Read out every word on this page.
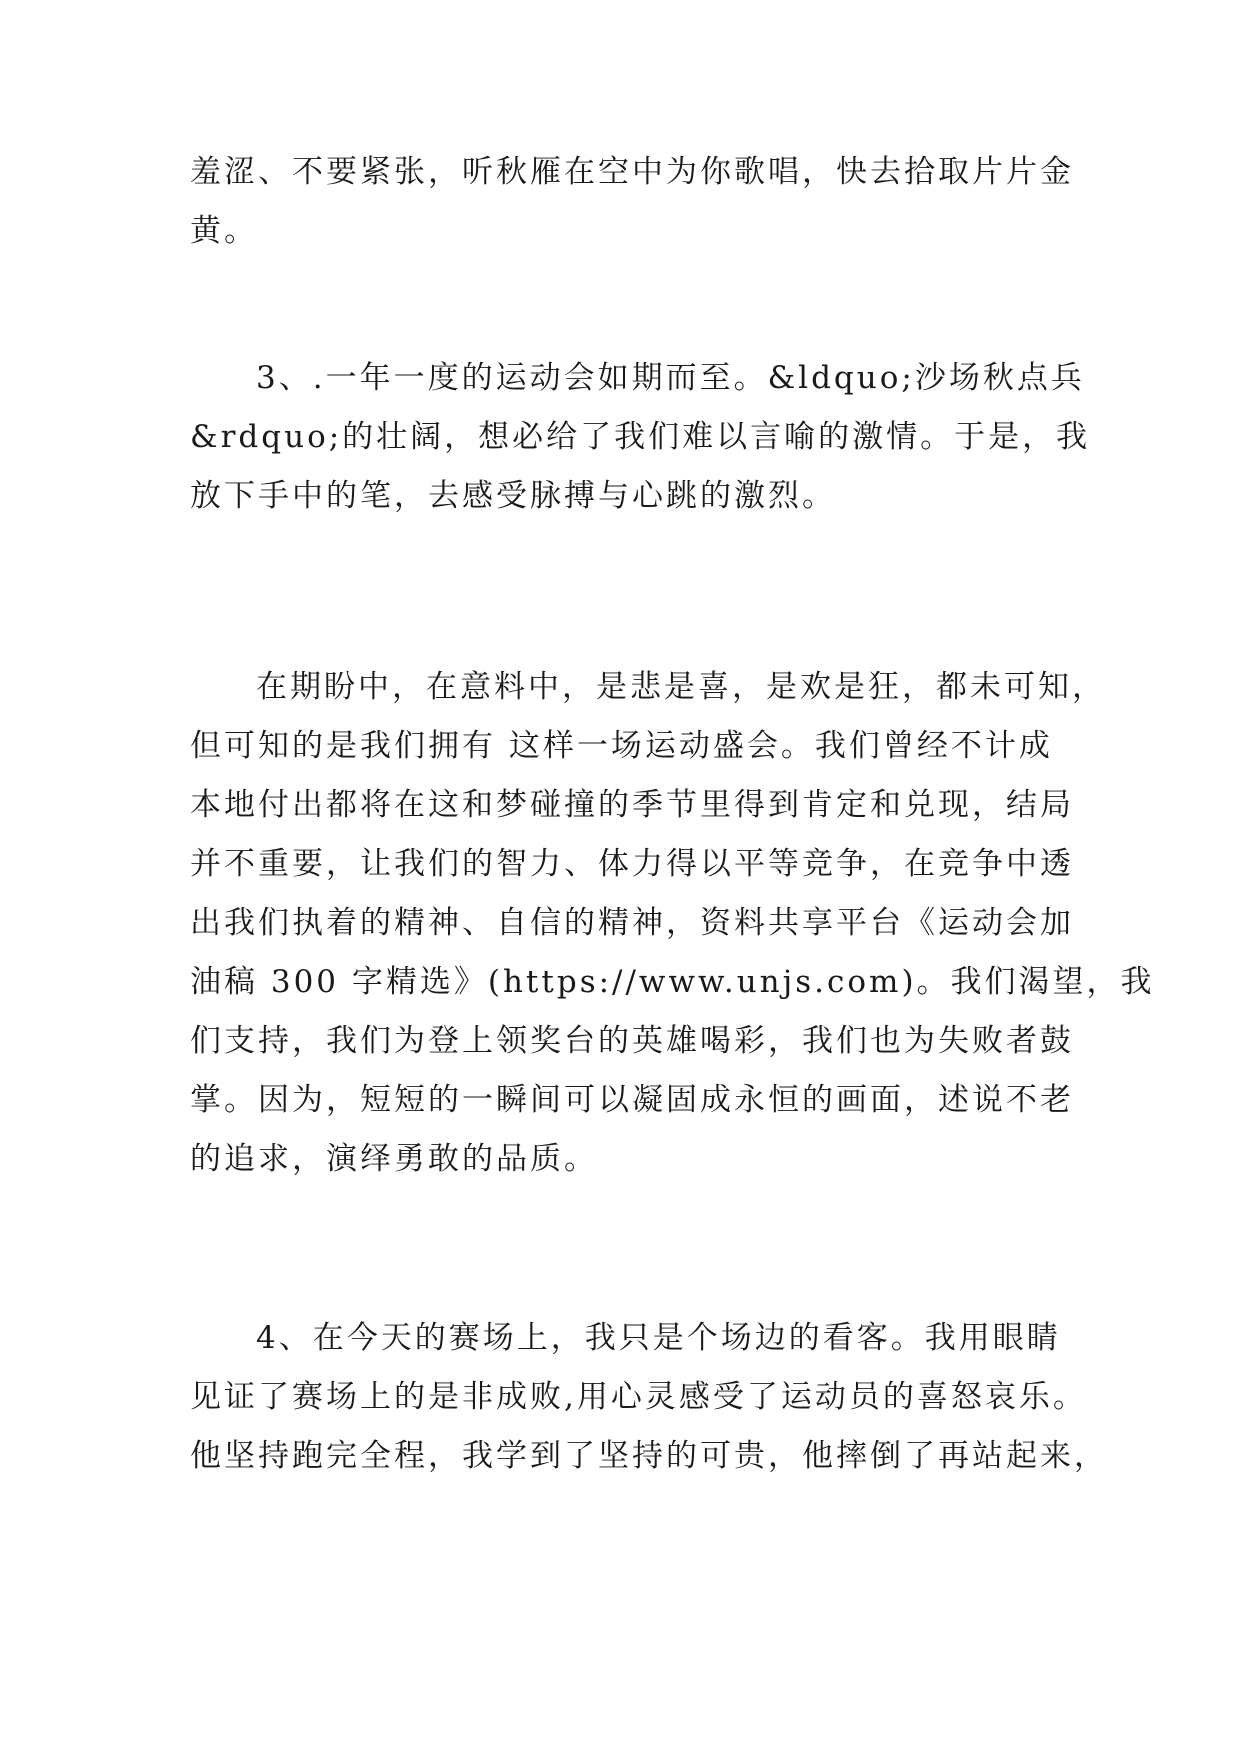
羞涩、不要紧张，听秋雁在空中为你歌唱，快去拾取片片金
黄。
3、.一年一度的运动会如期而至。&ldquo;沙场秋点兵
&rdquo;的壮阔，想必给了我们难以言喻的激情。于是，我
放下手中的笔，去感受脉搏与心跳的激烈。
在期盼中，在意料中，是悲是喜，是欢是狂，都未可知，
但可知的是我们拥有 这样一场运动盛会。我们曾经不计成
本地付出都将在这和梦碰撞的季节里得到肯定和兑现，结局
并不重要，让我们的智力、体力得以平等竞争，在竞争中透
出我们执着的精神、自信的精神，资料共享平台《运动会加
油稿 300 字精选》(https://www.unjs.com)。我们渴望，我
们支持，我们为登上领奖台的英雄喝彩，我们也为失败者鼓
掌。因为，短短的一瞬间可以凝固成永恒的画面，述说不老
的追求，演绎勇敢的品质。
4、在今天的赛场上，我只是个场边的看客。我用眼睛
见证了赛场上的是非成败,用心灵感受了运动员的喜怒哀乐。
他坚持跑完全程，我学到了坚持的可贵，他摔倒了再站起来，
